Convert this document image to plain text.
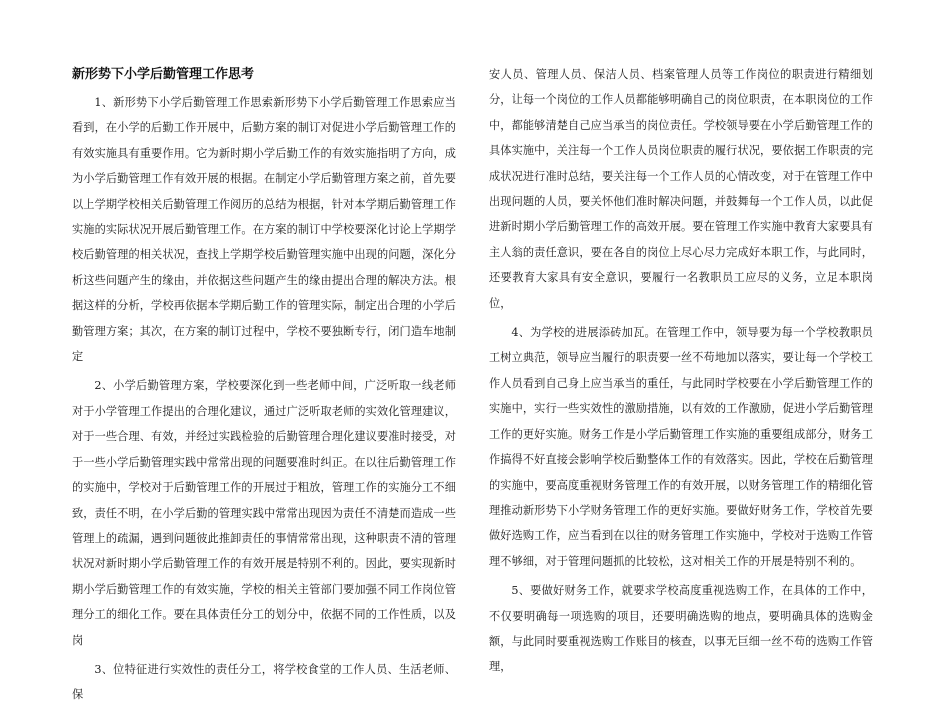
新形势下小学后勤管理工作思考

1、新形势下小学后勤管理工作思索新形势下小学后勤管理工作思索应当看到，在小学的后勤工作开展中，后勤方案的制订对促进小学后勤管理工作的有效实施具有重要作用。它为新时期小学后勤工作的有效实施指明了方向，成为小学后勤管理工作有效开展的根据。在制定小学后勤管理方案之前，首先要以上学期学校相关后勤管理工作阅历的总结为根据，针对本学期后勤管理工作实施的实际状况开展后勤管理工作。在方案的制订中学校要深化讨论上学期学校后勤管理的相关状况，查找上学期学校后勤管理实施中出现的问题，深化分析这些问题产生的缘由，并依据这些问题产生的缘由提出合理的解决方法。根据这样的分析，学校再依据本学期后勤工作的管理实际，制定出合理的小学后勤管理方案；其次，在方案的制订过程中，学校不要独断专行，闭门造车地制定

2、小学后勤管理方案，学校要深化到一些老师中间，广泛听取一线老师对于小学管理工作提出的合理化建议，通过广泛听取老师的实效化管理建议，对于一些合理、有效，并经过实践检验的后勤管理合理化建议要准时接受，对于一些小学后勤管理实践中常常出现的问题要准时纠正。在以往后勤管理工作的实施中，学校对于后勤管理工作的开展过于粗放，管理工作的实施分工不细致，责任不明，在小学后勤的管理实践中常常出现因为责任不清楚而造成一些管理上的疏漏，遇到问题彼此推卸责任的事情常常出现，这种职责不清的管理状况对新时期小学后勤管理工作的有效开展是特别不利的。因此，要实现新时期小学后勤管理工作的有效实施，学校的相关主管部门要加强不同工作岗位管理分工的细化工作。要在具体责任分工的划分中，依据不同的工作性质，以及岗

3、位特征进行实效性的责任分工，将学校食堂的工作人员、生活老师、保

安人员、管理人员、保洁人员、档案管理人员等工作岗位的职责进行精细划分，让每一个岗位的工作人员都能够明确自己的岗位职责，在本职岗位的工作中，都能够清楚自己应当承当的岗位责任。学校领导要在小学后勤管理工作的具体实施中，关注每一个工作人员岗位职责的履行状况，要依据工作职责的完成状况进行准时总结，要关注每一个工作人员的心情改变，对于在管理工作中出现问题的人员，要关怀他们准时解决问题，并鼓舞每一个工作人员，以此促进新时期小学后勤管理工作的高效开展。要在管理工作实施中教育大家要具有主人翁的责任意识，要在各自的岗位上尽心尽力完成好本职工作，与此同时，还要教育大家具有安全意识，要履行一名教职员工应尽的义务，立足本职岗位，

4、为学校的进展添砖加瓦。在管理工作中，领导要为每一个学校教职员工树立典范，领导应当履行的职责要一丝不苟地加以落实，要让每一个学校工作人员看到自己身上应当承当的重任，与此同时学校要在小学后勤管理工作的实施中，实行一些实效性的激励措施，以有效的工作激励，促进小学后勤管理工作的更好实施。财务工作是小学后勤管理工作实施的重要组成部分，财务工作搞得不好直接会影响学校后勤整体工作的有效落实。因此，学校在后勤管理的实施中，要高度重视财务管理工作的有效开展，以财务管理工作的精细化管理推动新形势下小学财务管理工作的更好实施。要做好财务工作，学校首先要做好选购工作，应当看到在以往的财务管理工作实施中，学校对于选购工作管理不够细，对于管理问题抓的比较松，这对相关工作的开展是特别不利的。

5、要做好财务工作，就要求学校高度重视选购工作，在具体的工作中，不仅要明确每一项选购的项目，还要明确选购的地点，要明确具体的选购金额，与此同时要重视选购工作账目的核查，以事无巨细一丝不苟的选购工作管理，
